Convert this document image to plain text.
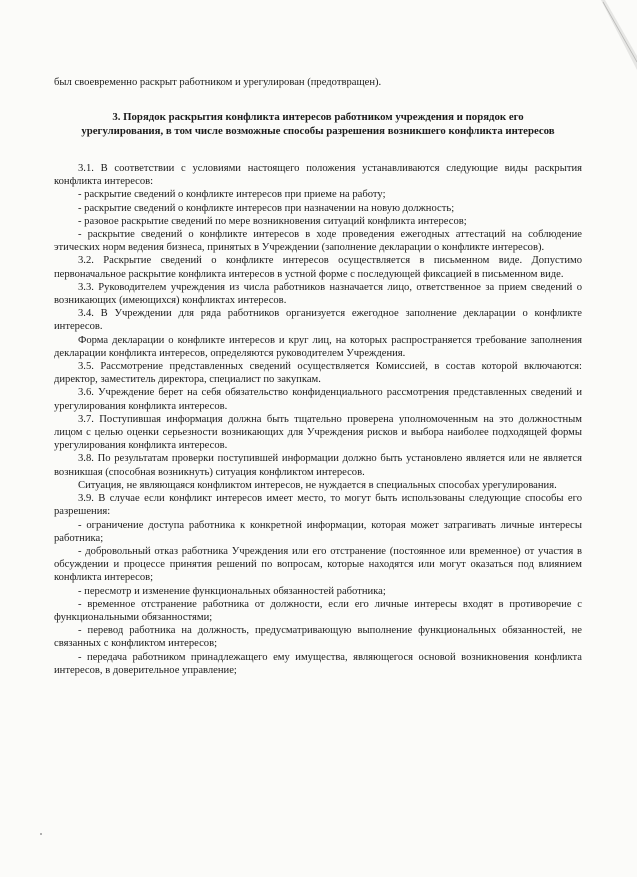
был своевременно раскрыт работником и урегулирован (предотвращен).

3. Порядок раскрытия конфликта интересов работником учреждения и порядок его урегулирования, в том числе возможные способы разрешения возникшего конфликта интересов

3.1. В соответствии с условиями настоящего положения устанавливаются следующие виды раскрытия конфликта интересов:

- раскрытие сведений о конфликте интересов при приеме на работу;

- раскрытие сведений о конфликте интересов при назначении на новую должность;

- разовое раскрытие сведений по мере возникновения ситуаций конфликта интересов;

- раскрытие сведений о конфликте интересов в ходе проведения ежегодных аттестаций на соблюдение этических норм ведения бизнеса, принятых в Учреждении (заполнение декларации о конфликте интересов).

3.2. Раскрытие сведений о конфликте интересов осуществляется в письменном виде. Допустимо первоначальное раскрытие конфликта интересов в устной форме с последующей фиксацией в письменном виде.

3.3. Руководителем учреждения из числа работников назначается лицо, ответственное за прием сведений о возникающих (имеющихся) конфликтах интересов.

3.4. В Учреждении для ряда работников организуется ежегодное заполнение декларации о конфликте интересов.

Форма декларации о конфликте интересов и круг лиц, на которых распространяется требование заполнения декларации конфликта интересов, определяются руководителем Учреждения.

3.5. Рассмотрение представленных сведений осуществляется Комиссией, в состав которой включаются: директор, заместитель директора, специалист по закупкам.

3.6. Учреждение берет на себя обязательство конфиденциального рассмотрения представленных сведений и урегулирования конфликта интересов.

3.7. Поступившая информация должна быть тщательно проверена уполномоченным на это должностным лицом с целью оценки серьезности возникающих для Учреждения рисков и выбора наиболее подходящей формы урегулирования конфликта интересов.

3.8. По результатам проверки поступившей информации должно быть установлено является или не является возникшая (способная возникнуть) ситуация конфликтом интересов.

Ситуация, не являющаяся конфликтом интересов, не нуждается в специальных способах урегулирования.

3.9. В случае если конфликт интересов имеет место, то могут быть использованы следующие способы его разрешения:

- ограничение доступа работника к конкретной информации, которая может затрагивать личные интересы работника;

- добровольный отказ работника Учреждения или его отстранение (постоянное или временное) от участия в обсуждении и процессе принятия решений по вопросам, которые находятся или могут оказаться под влиянием конфликта интересов;

- пересмотр и изменение функциональных обязанностей работника;

- временное отстранение работника от должности, если его личные интересы входят в противоречие с функциональными обязанностями;

- перевод работника на должность, предусматривающую выполнение функциональных обязанностей, не связанных с конфликтом интересов;

- передача работником принадлежащего ему имущества, являющегося основой возникновения конфликта интересов, в доверительное управление;
